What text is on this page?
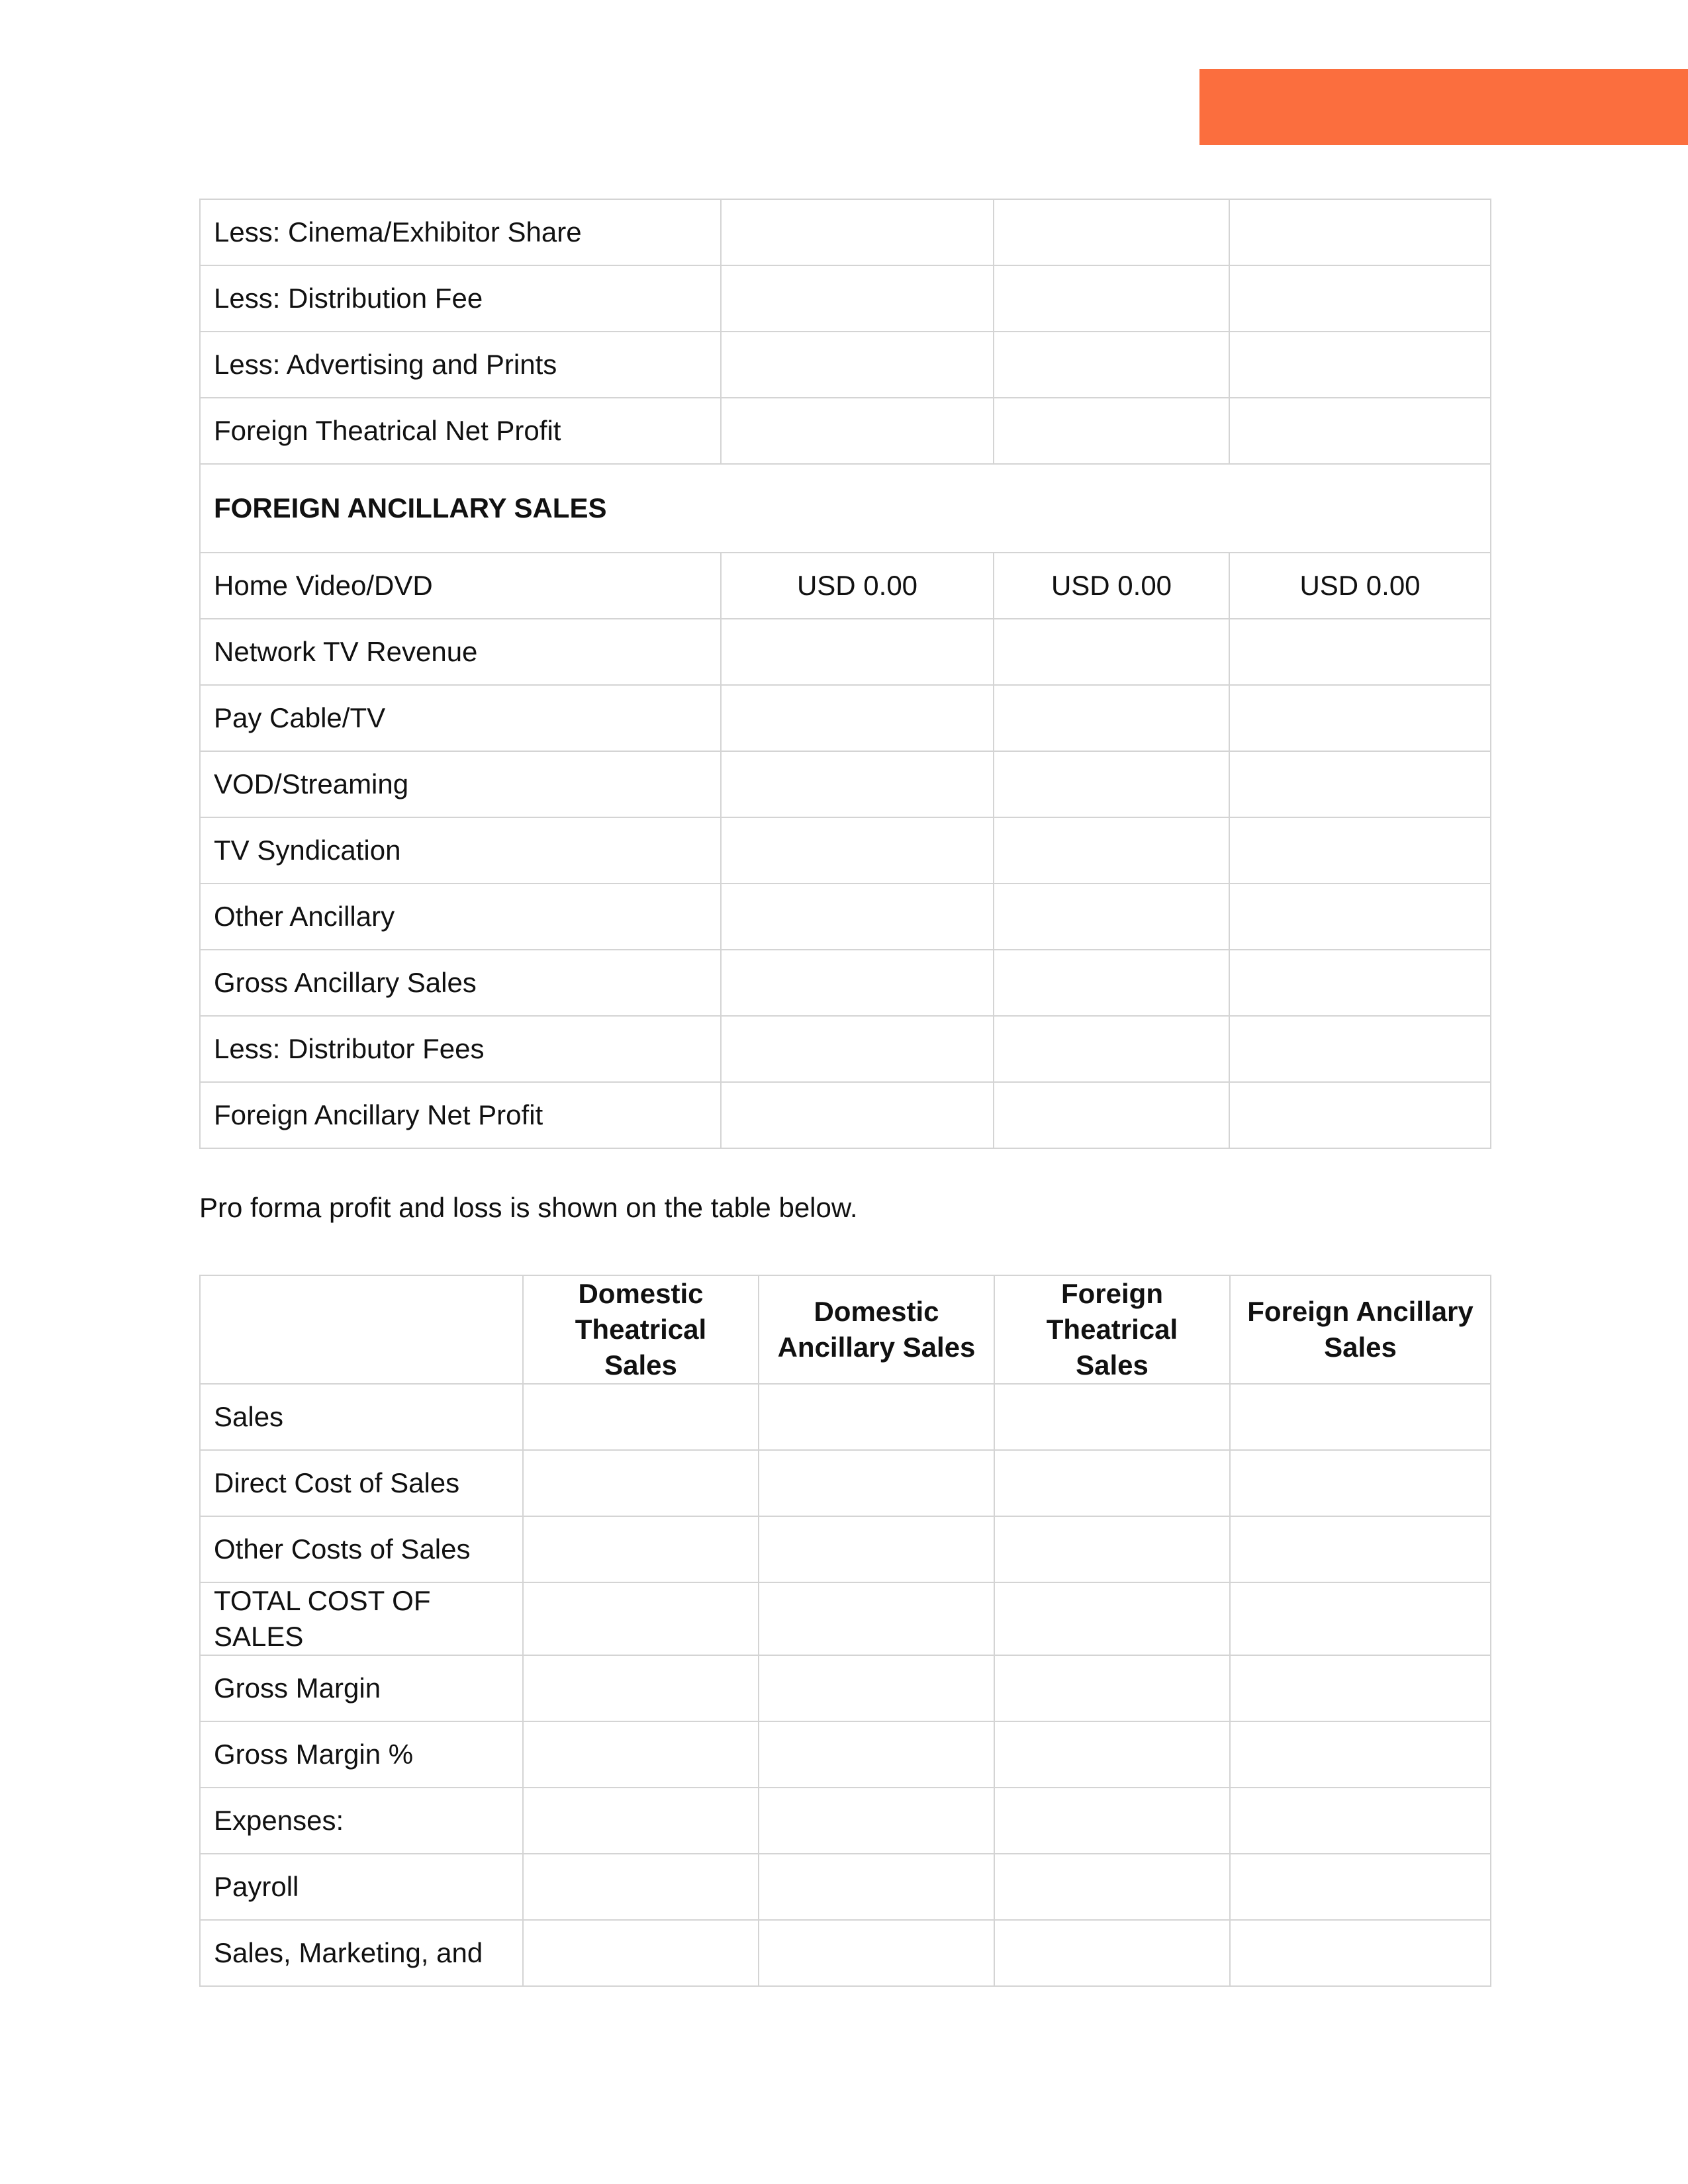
Less: Cinema/Exhibitor Share			
Less: Distribution Fee			
Less: Advertising and Prints			
Foreign Theatrical Net Profit			
FOREIGN ANCILLARY SALES			
Home Video/DVD	USD 0.00	USD 0.00	USD 0.00
Network TV Revenue			
Pay Cable/TV			
VOD/Streaming			
TV Syndication			
Other Ancillary			
Gross Ancillary Sales			
Less: Distributor Fees			
Foreign Ancillary Net Profit			

Pro forma profit and loss is shown on the table below.

	Domestic Theatrical Sales	Domestic Ancillary Sales	Foreign Theatrical Sales	Foreign Ancillary Sales
Sales				
Direct Cost of Sales				
Other Costs of Sales				
TOTAL COST OF SALES				
Gross Margin				
Gross Margin %				
Expenses:				
Payroll				
Sales, Marketing, and				
